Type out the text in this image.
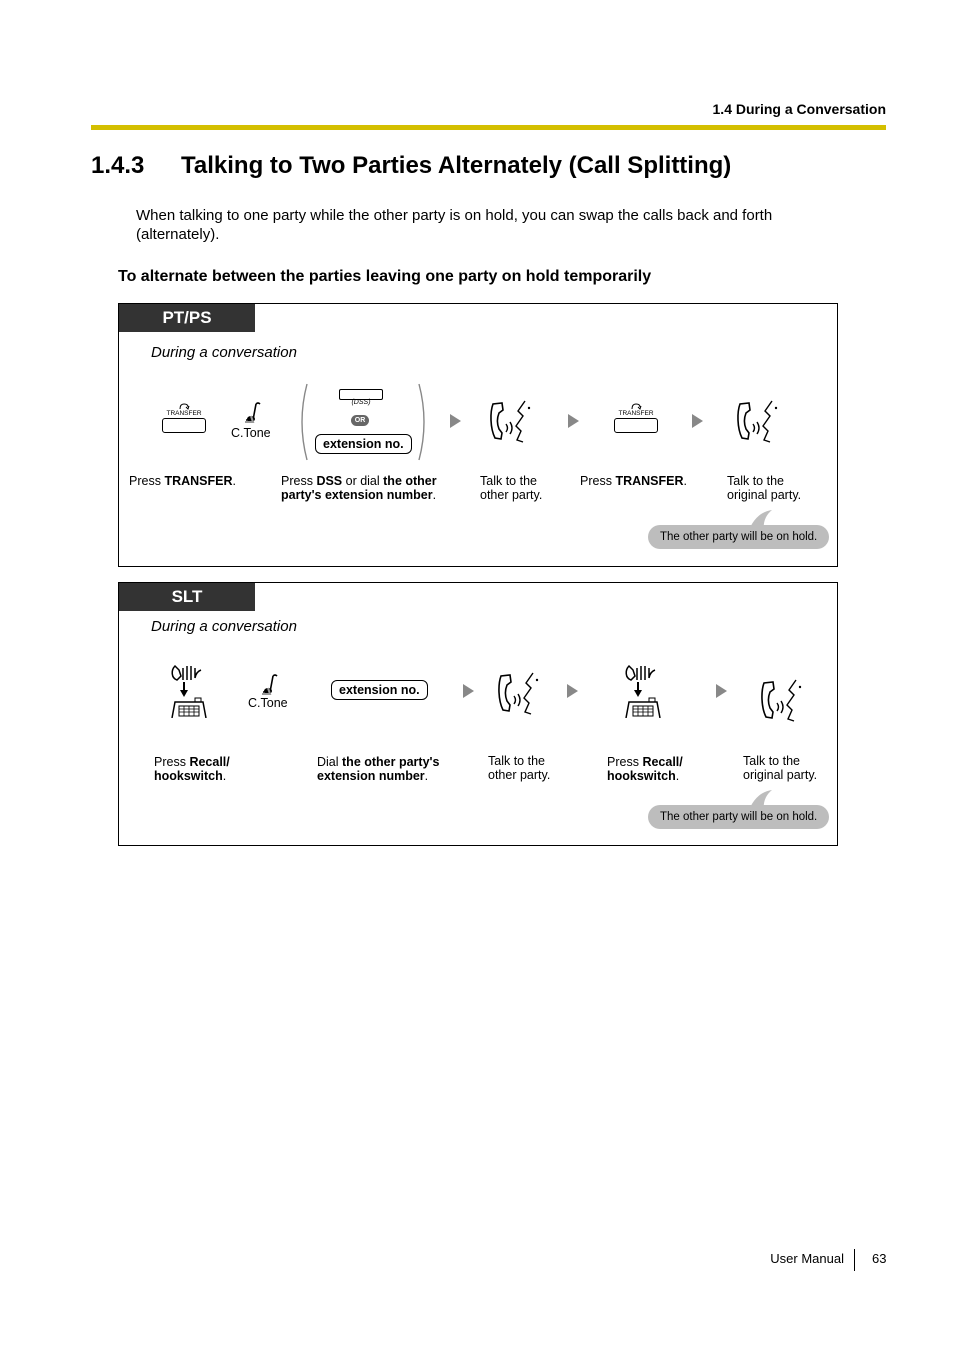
1.4 During a Conversation
1.4.3 Talking to Two Parties Alternately (Call Splitting)
When talking to one party while the other party is on hold, you can swap the calls back and forth (alternately).
To alternate between the parties leaving one party on hold temporarily
PT/PS
During a conversation
TRANSFER
C.Tone
(DSS)
OR
extension no.
TRANSFER
Press TRANSFER.	Press DSS or dial the other party's extension number.
Talk to the other party.
Press TRANSFER.	Talk to the original party.
The other party will be on hold.
SLT
During a conversation
C.Tone
extension no.
Press Recall/ hookswitch.
Dial the other party's extension number.
Talk to the other party.
Press Recall/ hookswitch.
Talk to the original party.
The other party will be on hold.
User Manual 63
